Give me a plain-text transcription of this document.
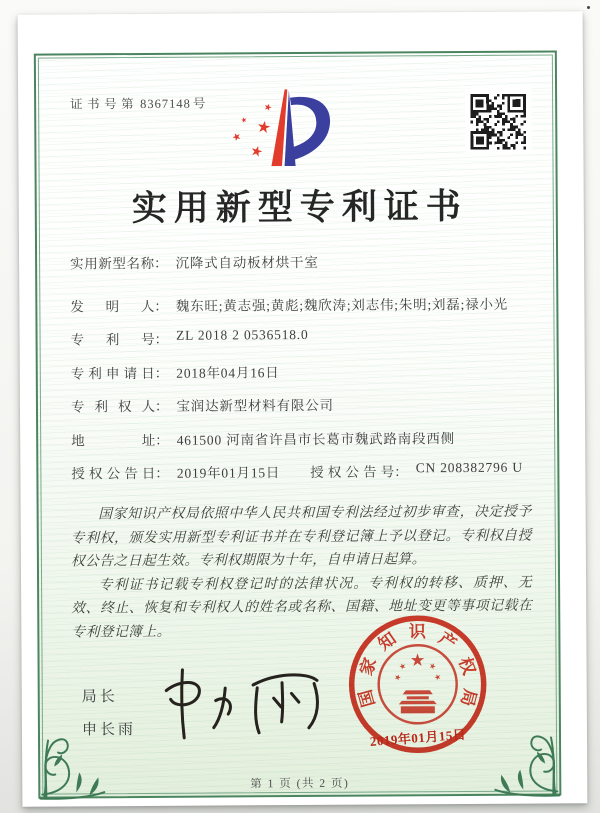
证书号第 8367148 号
实用新型专利证书
实用新型名称 ： 沉降式自动板材烘干室
发明人 ： 魏东旺;黄志强;黄彪;魏欣涛;刘志伟;朱明;刘磊;禄小光
专利号 ： ZL 2018 2 0536518.0
专利申请日 ： 2018年04月16日
专利权人 ： 宝润达新型材料有限公司
地址 ： 461500 河南省许昌市长葛市魏武路南段西侧
授权公告日 ： 2019年01月15日 授权公告号 ： CN 208382796 U

国家知识产权局依照中华人民共和国专利法经过初步审查，决定授予专利权，颁发实用新型专利证书并在专利登记簿上予以登记。专利权自授权公告之日起生效。专利权期限为十年，自申请日起算。

专利证书记载专利权登记时的法律状况。专利权的转移、质押、无效、终止、恢复和专利权人的姓名或名称、国籍、地址变更等事项记载在专利登记簿上。

局长
申长雨
国
家
知 识 产
权
局
2019年01月15日
第 1 页 (共 2 页)
